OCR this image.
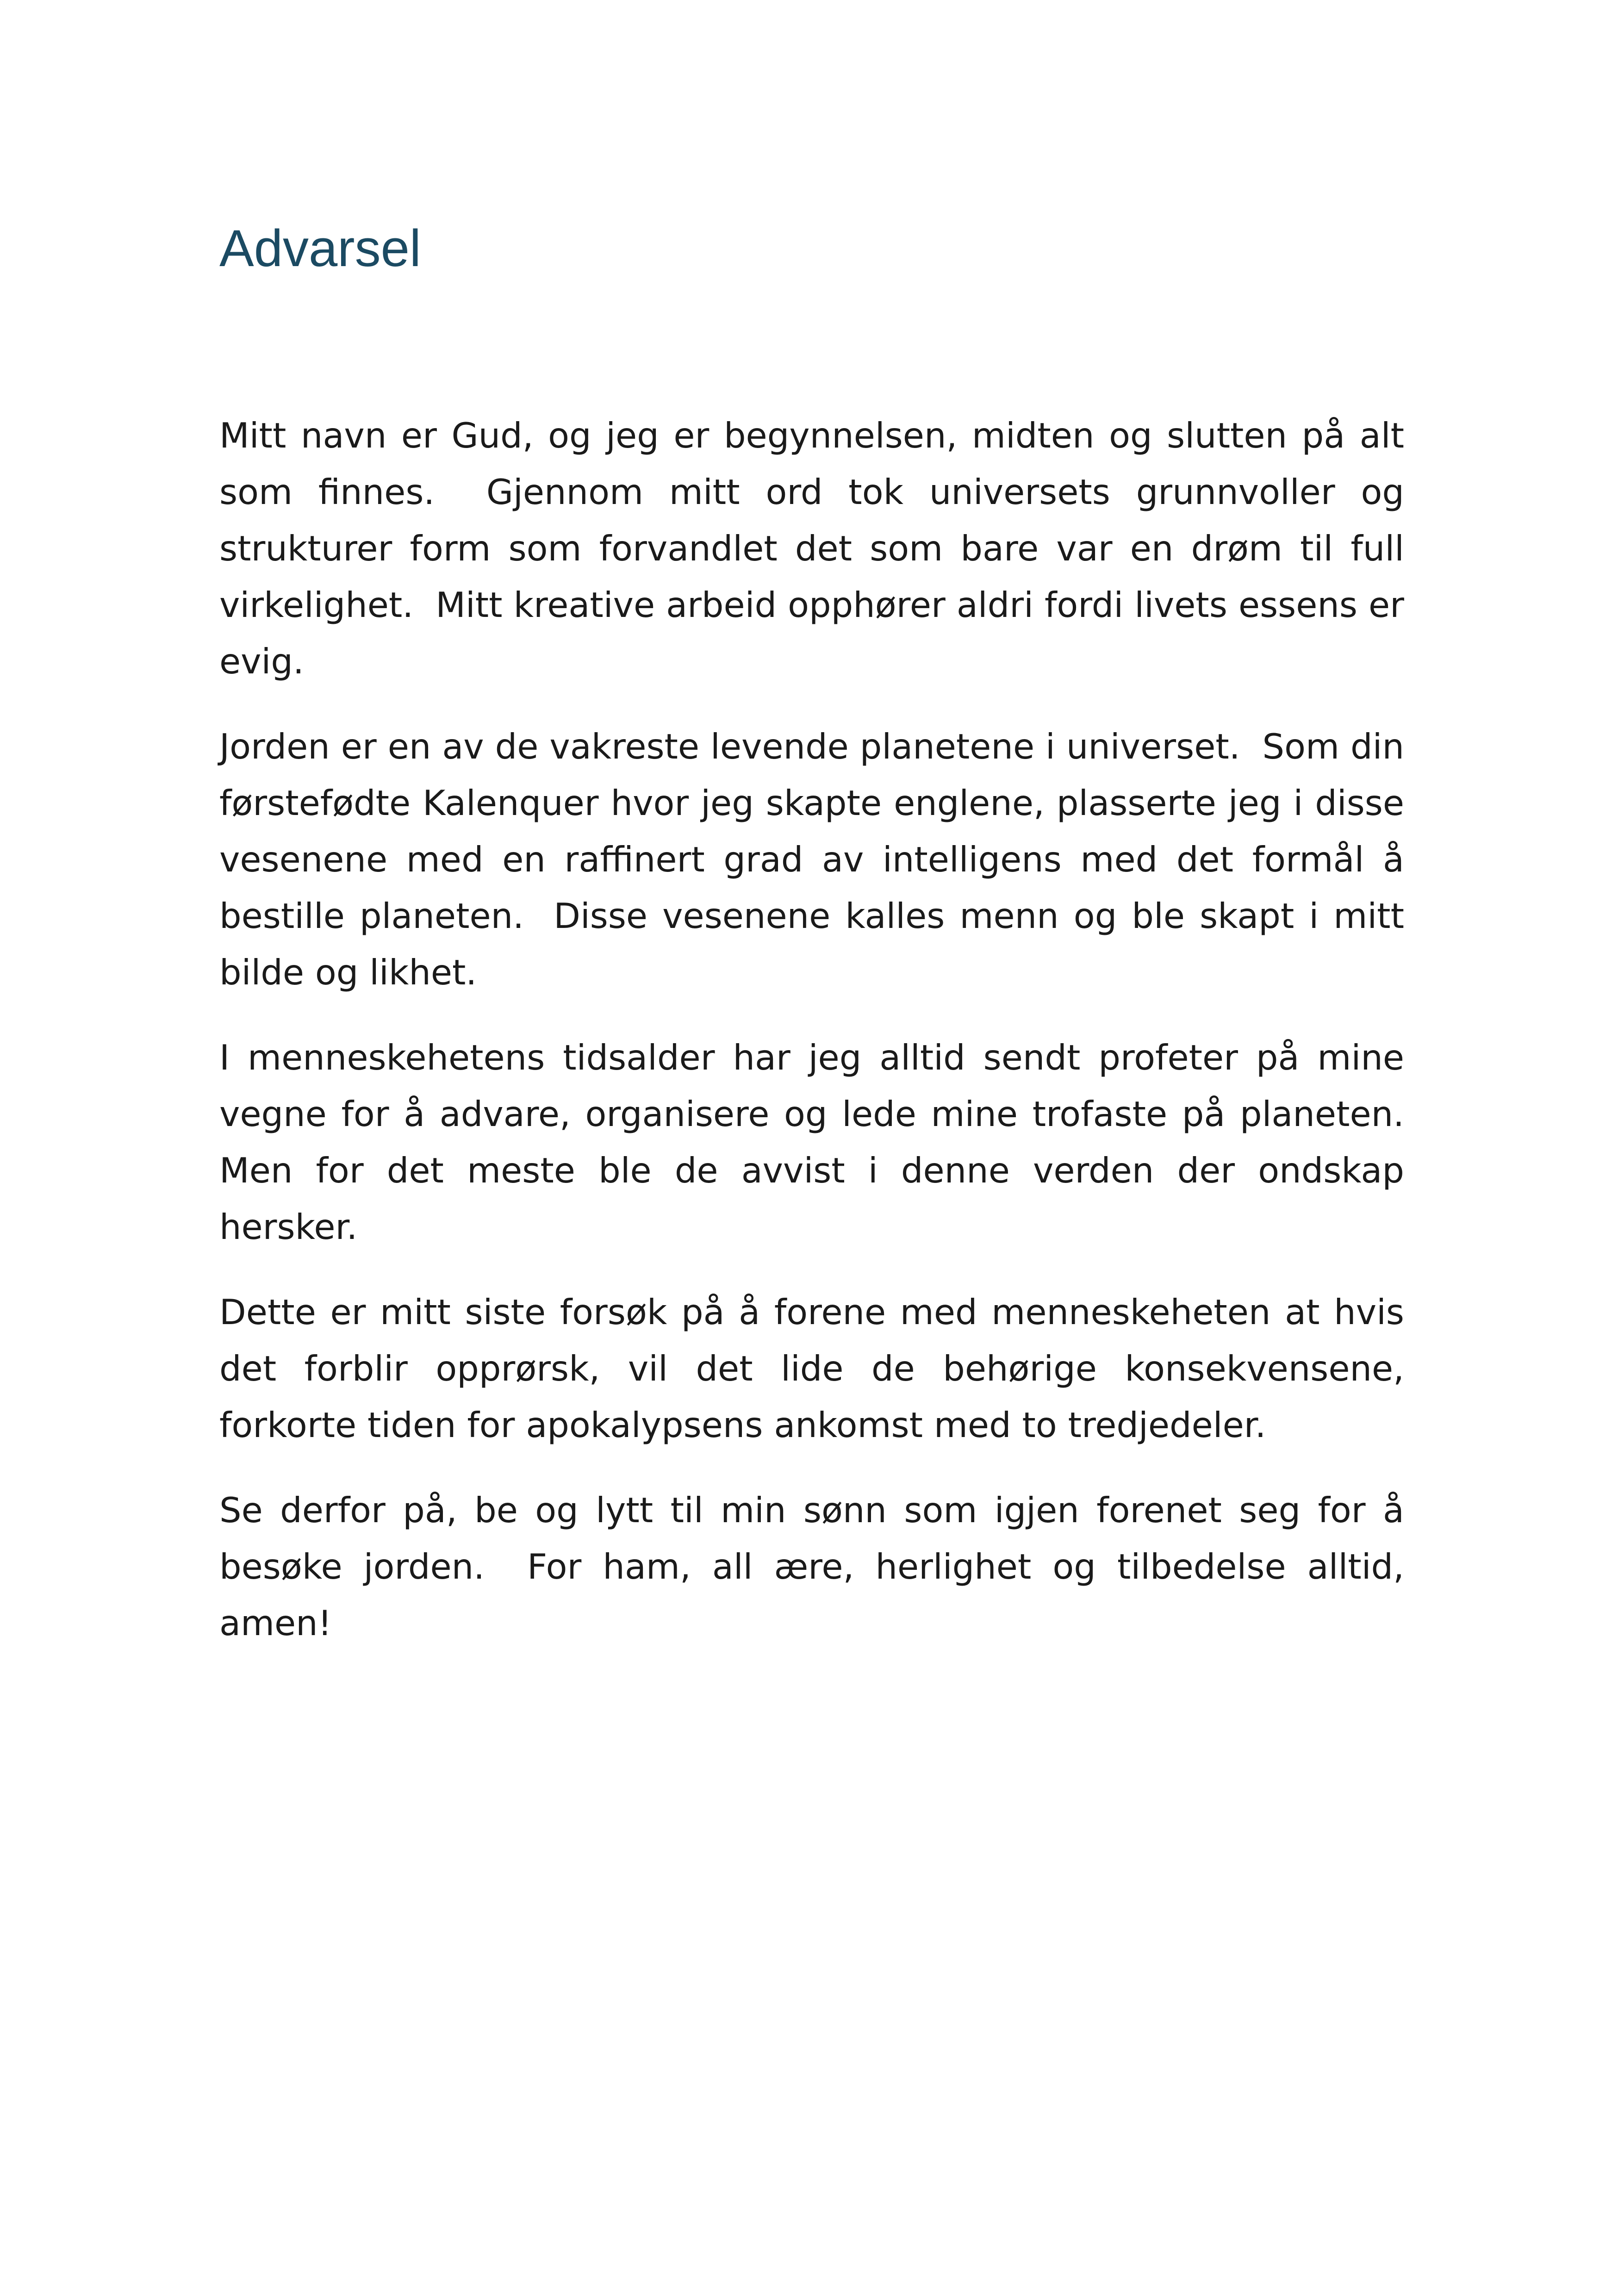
Advarsel

Mitt navn er Gud, og jeg er begynnelsen, midten og slutten på alt som finnes.  Gjennom mitt ord tok universets grunnvoller og strukturer form som forvandlet det som bare var en drøm til full virkelighet.  Mitt kreative arbeid opphører aldri fordi livets essens er evig.

Jorden er en av de vakreste levende planetene i universet.  Som din førstefødte Kalenquer hvor jeg skapte englene, plasserte jeg i disse vesenene med en raffinert grad av intelligens med det formål å bestille planeten.  Disse vesenene kalles menn og ble skapt i mitt bilde og likhet.

I menneskehetens tidsalder har jeg alltid sendt profeter på mine vegne for å advare, organisere og lede mine trofaste på planeten.  Men for det meste ble de avvist i denne verden der ondskap hersker.

Dette er mitt siste forsøk på å forene med menneskeheten at hvis det forblir opprørsk, vil det lide de behørige konsekvensene, forkorte tiden for apokalypsens ankomst med to tredjedeler.

Se derfor på, be og lytt til min sønn som igjen forenet seg for å besøke jorden.  For ham, all ære, herlighet og tilbedelse alltid, amen!
